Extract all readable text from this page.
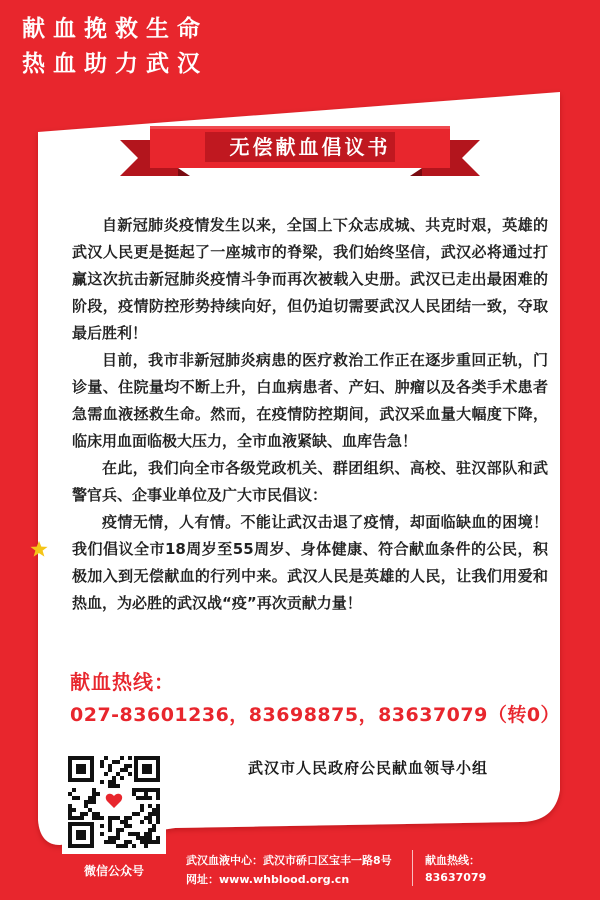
献血挽救生命
热血助力武汉
无偿献血倡议书

自新冠肺炎疫情发生以来，全国上下众志成城、共克时艰，英雄的武汉人民更是挺起了一座城市的脊梁，我们始终坚信，武汉必将通过打赢这次抗击新冠肺炎疫情斗争而再次被载入史册。武汉已走出最困难的阶段，疫情防控形势持续向好，但仍迫切需要武汉人民团结一致，夺取最后胜利！

目前，我市非新冠肺炎病患的医疗救治工作正在逐步重回正轨，门诊量、住院量均不断上升，白血病患者、产妇、肿瘤以及各类手术患者急需血液拯救生命。然而，在疫情防控期间，武汉采血量大幅度下降，临床用血面临极大压力，全市血液紧缺、血库告急！

在此，我们向全市各级党政机关、群团组织、高校、驻汉部队和武警官兵、企事业单位及广大市民倡议：

疫情无情，人有情。不能让武汉击退了疫情，却面临缺血的困境！我们倡议全市18周岁至55周岁、身体健康、符合献血条件的公民，积极加入到无偿献血的行列中来。武汉人民是英雄的人民，让我们用爱和热血，为必胜的武汉战“疫”再次贡献力量！

献血热线：
027-83601236，83698875，83637079（转0）
武汉市人民政府公民献血领导小组
微信公众号
武汉血液中心：武汉市硚口区宝丰一路8号
网址：www.whblood.org.cn
献血热线：
83637079
